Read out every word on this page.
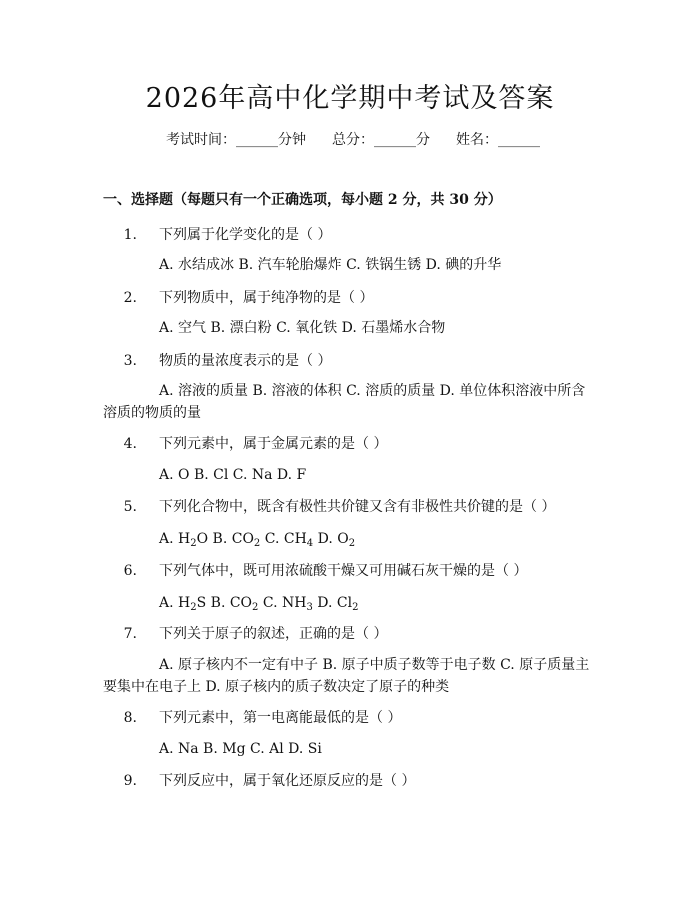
2026年高中化学期中考试及答案
考试时间：______分钟 总分：______分 姓名：______
一、选择题（每题只有一个正确选项，每小题 2 分，共 30 分）
1. 下列属于化学变化的是（ ）
A. 水结成冰 B. 汽车轮胎爆炸 C. 铁锅生锈 D. 碘的升华
2. 下列物质中，属于纯净物的是（ ）
A. 空气 B. 漂白粉 C. 氧化铁 D. 石墨烯水合物
3. 物质的量浓度表示的是（ ）
A. 溶液的质量 B. 溶液的体积 C. 溶质的质量 D. 单位体积溶液中所含溶质的物质的量
4. 下列元素中，属于金属元素的是（ ）
A. O B. Cl C. Na D. F
5. 下列化合物中，既含有极性共价键又含有非极性共价键的是（ ）
A. $H_2O$ B. $CO_2$ C. $CH_4$ D. $O_2$
6. 下列气体中，既可用浓硫酸干燥又可用碱石灰干燥的是（ ）
A. $H_2S$ B. $CO_2$ C. $NH_3$ D. $Cl_2$
7. 下列关于原子的叙述，正确的是（ ）
A. 原子核内不一定有中子 B. 原子中质子数等于电子数 C. 原子质量主要集中在电子上 D. 原子核内的质子数决定了原子的种类
8. 下列元素中，第一电离能最低的是（ ）
A. Na B. Mg C. Al D. Si
9. 下列反应中，属于氧化还原反应的是（ ）
